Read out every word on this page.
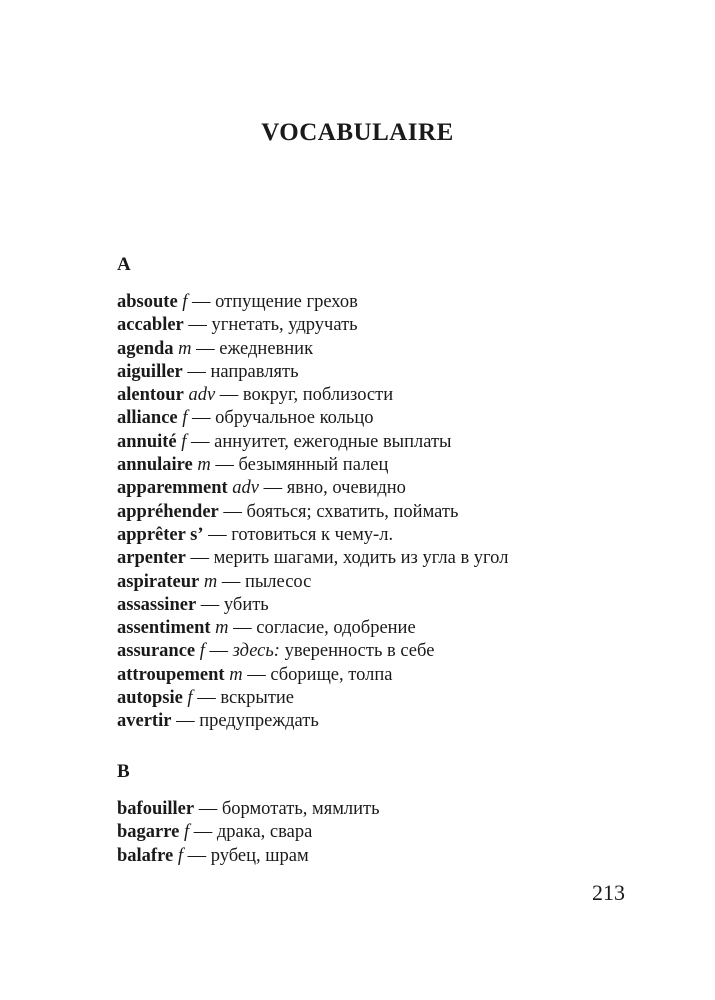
VOCABULAIRE
A
absoute f — отпущение грехов
accabler — угнетать, удручать
agenda m — ежедневник
aiguiller — направлять
alentour adv — вокруг, поблизости
alliance f — обручальное кольцо
annuité f — аннуитет, ежегодные выплаты
annulaire m — безымянный палец
apparemment adv — явно, очевидно
appréhender — бояться; схватить, поймать
apprêter s’ — готовиться к чему-л.
arpenter — мерить шагами, ходить из угла в угол
aspirateur m — пылесос
assassiner — убить
assentiment m — согласие, одобрение
assurance f — здесь: уверенность в себе
attroupement m — сборище, толпа
autopsie f — вскрытие
avertir — предупреждать
B
bafouiller — бормотать, мямлить
bagarre f — драка, свара
balafre f — рубец, шрам
213
